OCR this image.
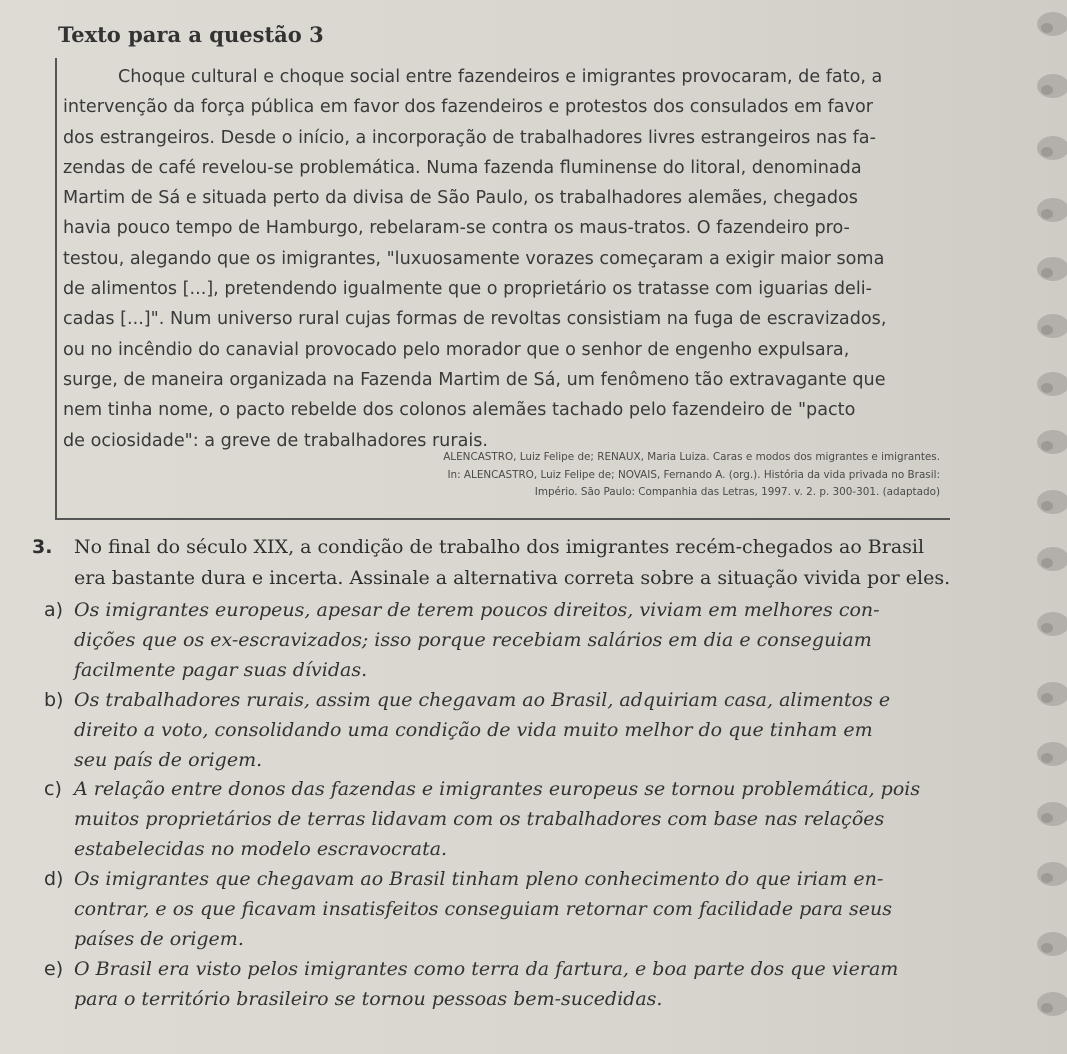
Texto para a questão 3
Choque cultural e choque social entre fazendeiros e imigrantes provocaram, de fato, a
intervenção da força pública em favor dos fazendeiros e protestos dos consulados em favor
dos estrangeiros. Desde o início, a incorporação de trabalhadores livres estrangeiros nas fa-
zendas de café revelou-se problemática. Numa fazenda fluminense do litoral, denominada
Martim de Sá e situada perto da divisa de São Paulo, os trabalhadores alemães, chegados
havia pouco tempo de Hamburgo, rebelaram-se contra os maus-tratos. O fazendeiro pro-
testou, alegando que os imigrantes, "luxuosamente vorazes começaram a exigir maior soma
de alimentos [...], pretendendo igualmente que o proprietário os tratasse com iguarias deli-
cadas [...]". Num universo rural cujas formas de revoltas consistiam na fuga de escravizados,
ou no incêndio do canavial provocado pelo morador que o senhor de engenho expulsara,
surge, de maneira organizada na Fazenda Martim de Sá, um fenômeno tão extravagante que
nem tinha nome, o pacto rebelde dos colonos alemães tachado pelo fazendeiro de "pacto
de ociosidade": a greve de trabalhadores rurais.
ALENCASTRO, Luiz Felipe de; RENAUX, Maria Luiza. Caras e modos dos migrantes e imigrantes.
In: ALENCASTRO, Luiz Felipe de; NOVAIS, Fernando A. (org.). História da vida privada no Brasil:
Império. São Paulo: Companhia das Letras, 1997. v. 2. p. 300-301. (adaptado)
3. No final do século XIX, a condição de trabalho dos imigrantes recém-chegados ao Brasil
era bastante dura e incerta. Assinale a alternativa correta sobre a situação vivida por eles.
a) Os imigrantes europeus, apesar de terem poucos direitos, viviam em melhores con-
dições que os ex-escravizados; isso porque recebiam salários em dia e conseguiam
facilmente pagar suas dívidas.
b) Os trabalhadores rurais, assim que chegavam ao Brasil, adquiriam casa, alimentos e
direito a voto, consolidando uma condição de vida muito melhor do que tinham em
seu país de origem.
c) A relação entre donos das fazendas e imigrantes europeus se tornou problemática, pois
muitos proprietários de terras lidavam com os trabalhadores com base nas relações
estabelecidas no modelo escravocrata.
d) Os imigrantes que chegavam ao Brasil tinham pleno conhecimento do que iriam en-
contrar, e os que ficavam insatisfeitos conseguiam retornar com facilidade para seus
países de origem.
e) O Brasil era visto pelos imigrantes como terra da fartura, e boa parte dos que vieram
para o território brasileiro se tornou pessoas bem-sucedidas.
